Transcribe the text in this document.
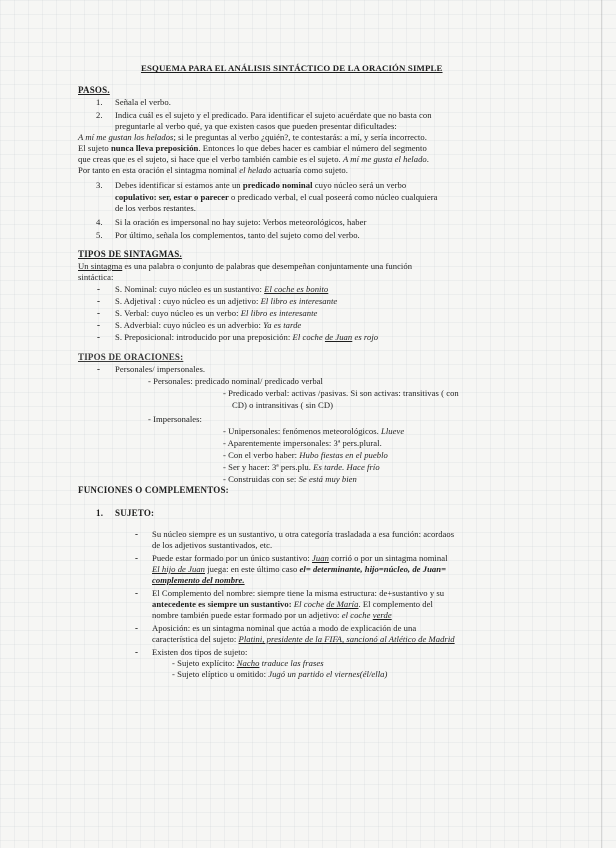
ESQUEMA PARA EL ANÁLISIS SINTÁCTICO DE LA ORACIÓN SIMPLE
PASOS.
1. Señala el verbo.
2. Indica cuál es el sujeto y el predicado. Para identificar el sujeto acuérdate que no basta con
preguntarle al verbo qué, ya que existen casos que pueden presentar dificultades:
A mí me gustan los helados; si le preguntas al verbo ¿quién?, te contestarás: a mí, y sería incorrecto.
El sujeto nunca lleva preposición. Entonces lo que debes hacer es cambiar el número del segmento
que creas que es el sujeto, si hace que el verbo también cambie es el sujeto. A mí me gusta el helado.
Por tanto en esta oración el sintagma nominal el helado actuaría como sujeto.
3. Debes identificar si estamos ante un predicado nominal cuyo núcleo será un verbo
copulativo: ser, estar o parecer o predicado verbal, el cual poseerá como núcleo cualquiera
de los verbos restantes.
4. Si la oración es impersonal no hay sujeto: Verbos meteorológicos, haber
5. Por último, señala los complementos, tanto del sujeto como del verbo.
TIPOS DE SINTAGMAS.
Un sintagma es una palabra o conjunto de palabras que desempeñan conjuntamente una función
sintáctica:
- S. Nominal: cuyo núcleo es un sustantivo: El coche es bonito
- S. Adjetival : cuyo núcleo es un adjetivo: El libro es interesante
- S. Verbal: cuyo núcleo es un verbo: El libro es interesante
- S. Adverbial: cuyo núcleo es un adverbio: Ya es tarde
- S. Preposicional: introducido por una preposición: El coche de Juan es rojo
TIPOS DE ORACIONES:
- Personales/ impersonales.
- Personales: predicado nominal/ predicado verbal
- Predicado verbal: activas /pasivas. Si son activas: transitivas ( con
CD) o intransitivas ( sin CD)
- Impersonales:
- Unipersonales: fenómenos meteorológicos. Llueve
- Aparentemente impersonales: 3ª pers.plural.
- Con el verbo haber: Hubo fiestas en el pueblo
- Ser y hacer: 3ª pers.plu. Es tarde. Hace frío
- Construidas con se: Se está muy bien
FUNCIONES O COMPLEMENTOS:
1. SUJETO:
- Su núcleo siempre es un sustantivo, u otra categoría trasladada a esa función: acordaos
de los adjetivos sustantivados, etc.
- Puede estar formado por un único sustantivo: Juan corrió o por un sintagma nominal
El hijo de Juan juega: en este último caso el= determinante, hijo=núcleo, de Juan=
complemento del nombre.
- El Complemento del nombre: siempre tiene la misma estructura: de+sustantivo y su
antecedente es siempre un sustantivo: El coche de María. El complemento del
nombre también puede estar formado por un adjetivo: el coche verde
- Aposición: es un sintagma nominal que actúa a modo de explicación de una
característica del sujeto: Platini, presidente de la FIFA, sancionó al Atlético de Madrid
- Existen dos tipos de sujeto:
- Sujeto explícito: Nacho traduce las frases
- Sujeto elíptico u omitido: Jugó un partido el viernes(él/ella)
